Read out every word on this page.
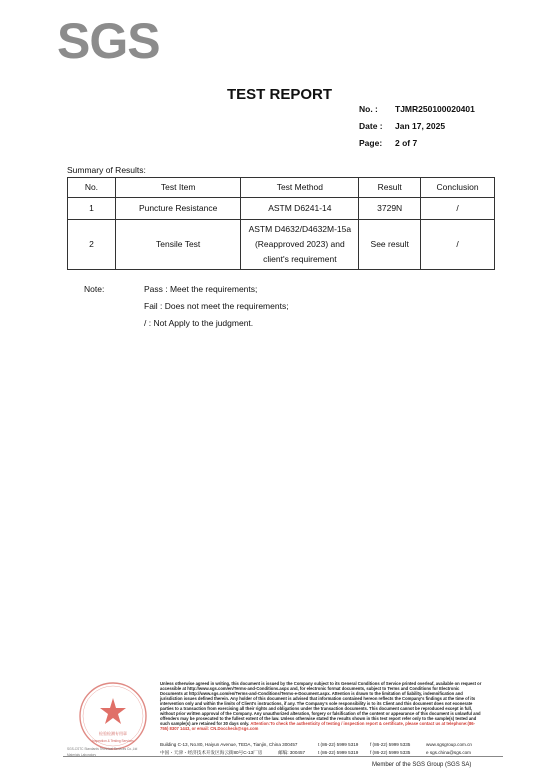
SGS
TEST REPORT
No. :	TJMR250100020401
Date :	Jan 17, 2025
Page:	2 of 7
Summary of Results:
No.	Test Item	Test Method	Result	Conclusion
1	Puncture Resistance	ASTM D6241-14	3729N	/
2	Tensile Test	ASTM D4632/D4632M-15a (Reapproved 2023) and client's requirement	See result	/
Note:	Pass : Meet the requirements;
Fail : Does not meet the requirements;
/ : Not Apply to the judgment.
检验检测专用章
Inspection & Testing Services
SGS-CSTC Standards Technical Services Co.,Ltd
Materials Laboratory
Unless otherwise agreed in writing, this document is issued by the Company subject to its General Conditions of Service printed overleaf, available on request or accessible at http://www.sgs.com/en/Terms-and-Conditions.aspx and, for electronic format documents, subject to Terms and Conditions for Electronic Documents at http://www.sgs.com/en/Terms-and-Conditions/Terms-e-Document.aspx. Attention is drawn to the limitation of liability, indemnification and jurisdiction issues defined therein. Any holder of this document is advised that information contained hereon reflects the Company's findings at the time of its intervention only and within the limits of Client's instructions, if any. The Company's sole responsibility is to its Client and this document does not exonerate parties to a transaction from exercising all their rights and obligations under the transaction documents. This document cannot be reproduced except in full, without prior written approval of the Company. Any unauthorized alteration, forgery or falsification of the content or appearance of this document is unlawful and offenders may be prosecuted to the fullest extent of the law. Unless otherwise stated the results shown in this test report refer only to the sample(s) tested and such sample(s) are retained for 30 days only. Attention:To check the authenticity of testing / inspection report & certificate, please contact us at telephone:(86-755) 8307 1443, or email: CN.Doccheck@sgs.com
Building C-13, No.80, Haiyun Avenue, TEDA, Tianjin, China 300457	t (86-22) 5999 5319	f (86-22) 5999 5335	www.sgsgroup.com.cn
中国・天津・经济技术开发区海云街80号C-13厂房	邮编: 300457	t (86-22) 5999 5319	f (86-22) 5999 5335	e sgs.china@sgs.com
Member of the SGS Group (SGS SA)
